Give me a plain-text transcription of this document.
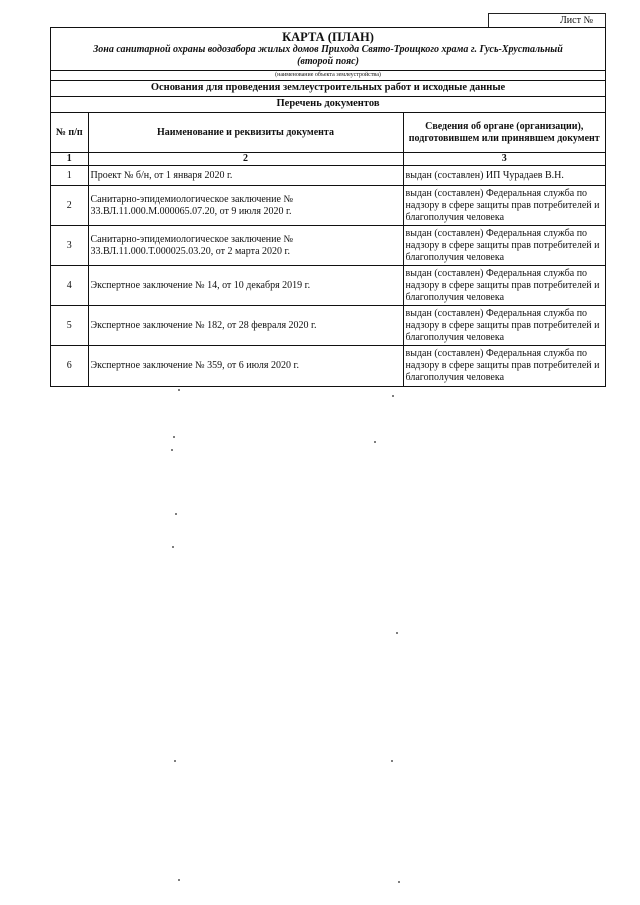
Лист №
КАРТА (ПЛАН)
Зона санитарной охраны водозабора жилых домов Прихода Свято-Троицкого храма г. Гусь-Хрустальный
(второй пояс)
(наименование объекта землеустройства)
Основания для проведения землеустроительных работ и исходные данные
Перечень документов
№ п/п	Наименование и реквизиты документа	Сведения об органе (организации), подготовившем или принявшем документ
1	2	3
1	Проект № б/н, от 1 января 2020 г.	выдан (составлен) ИП Чурадаев В.Н.
2	Санитарно-эпидемиологическое заключение № 33.ВЛ.11.000.М.000065.07.20, от 9 июля 2020 г.	выдан (составлен) Федеральная служба по надзору в сфере защиты прав потребителей и благополучия человека
3	Санитарно-эпидемиологическое заключение № 33.ВЛ.11.000.Т.000025.03.20, от 2 марта 2020 г.	выдан (составлен) Федеральная служба по надзору в сфере защиты прав потребителей и благополучия человека
4	Экспертное заключение № 14, от 10 декабря 2019 г.	выдан (составлен) Федеральная служба по надзору в сфере защиты прав потребителей и благополучия человека
5	Экспертное заключение № 182, от 28 февраля 2020 г.	выдан (составлен) Федеральная служба по надзору в сфере защиты прав потребителей и благополучия человека
6	Экспертное заключение № 359, от 6 июля 2020 г.	выдан (составлен) Федеральная служба по надзору в сфере защиты прав потребителей и благополучия человека
